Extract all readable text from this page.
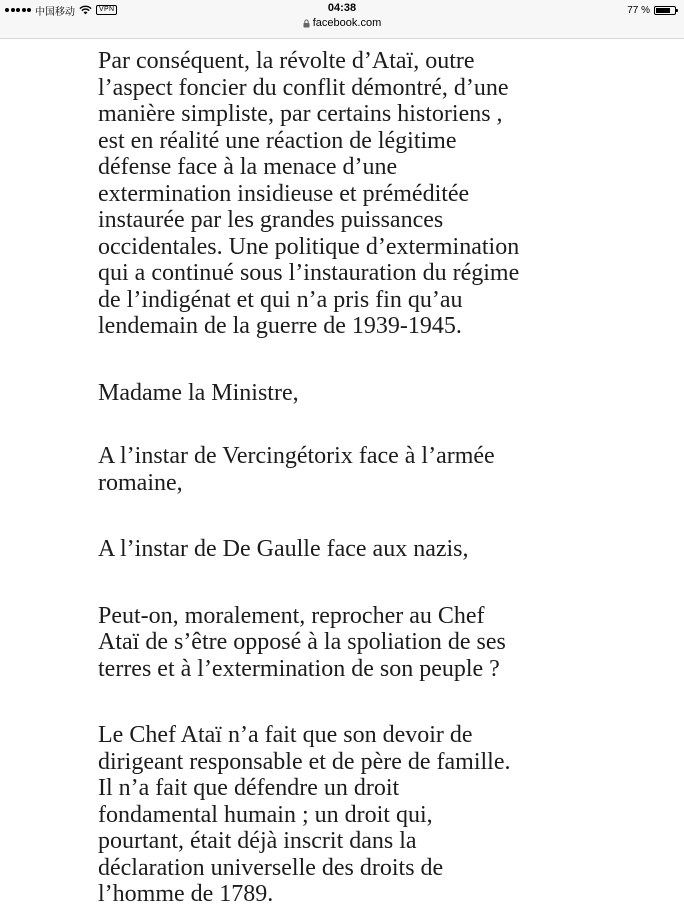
中国移动	VPN	04:38	77 %
facebook.com

Par conséquent, la révolte d’Ataï, outre
l’aspect foncier du conflit démontré, d’une
manière simpliste, par certains historiens ,
est en réalité une réaction de légitime
défense face à la menace d’une
extermination insidieuse et préméditée
instaurée par les grandes puissances
occidentales. Une politique d’extermination
qui a continué sous l’instauration du régime
de l’indigénat et qui n’a pris fin qu’au
lendemain de la guerre de 1939-1945.

Madame la Ministre,

A l’instar de Vercingétorix face à l’armée
romaine,

A l’instar de De Gaulle face aux nazis,

Peut-on, moralement, reprocher au Chef
Ataï de s’être opposé à la spoliation de ses
terres et à l’extermination de son peuple ?

Le Chef Ataï n’a fait que son devoir de
dirigeant responsable et de père de famille.
Il n’a fait que défendre un droit
fondamental humain ; un droit qui,
pourtant, était déjà inscrit dans la
déclaration universelle des droits de
l’homme de 1789.
